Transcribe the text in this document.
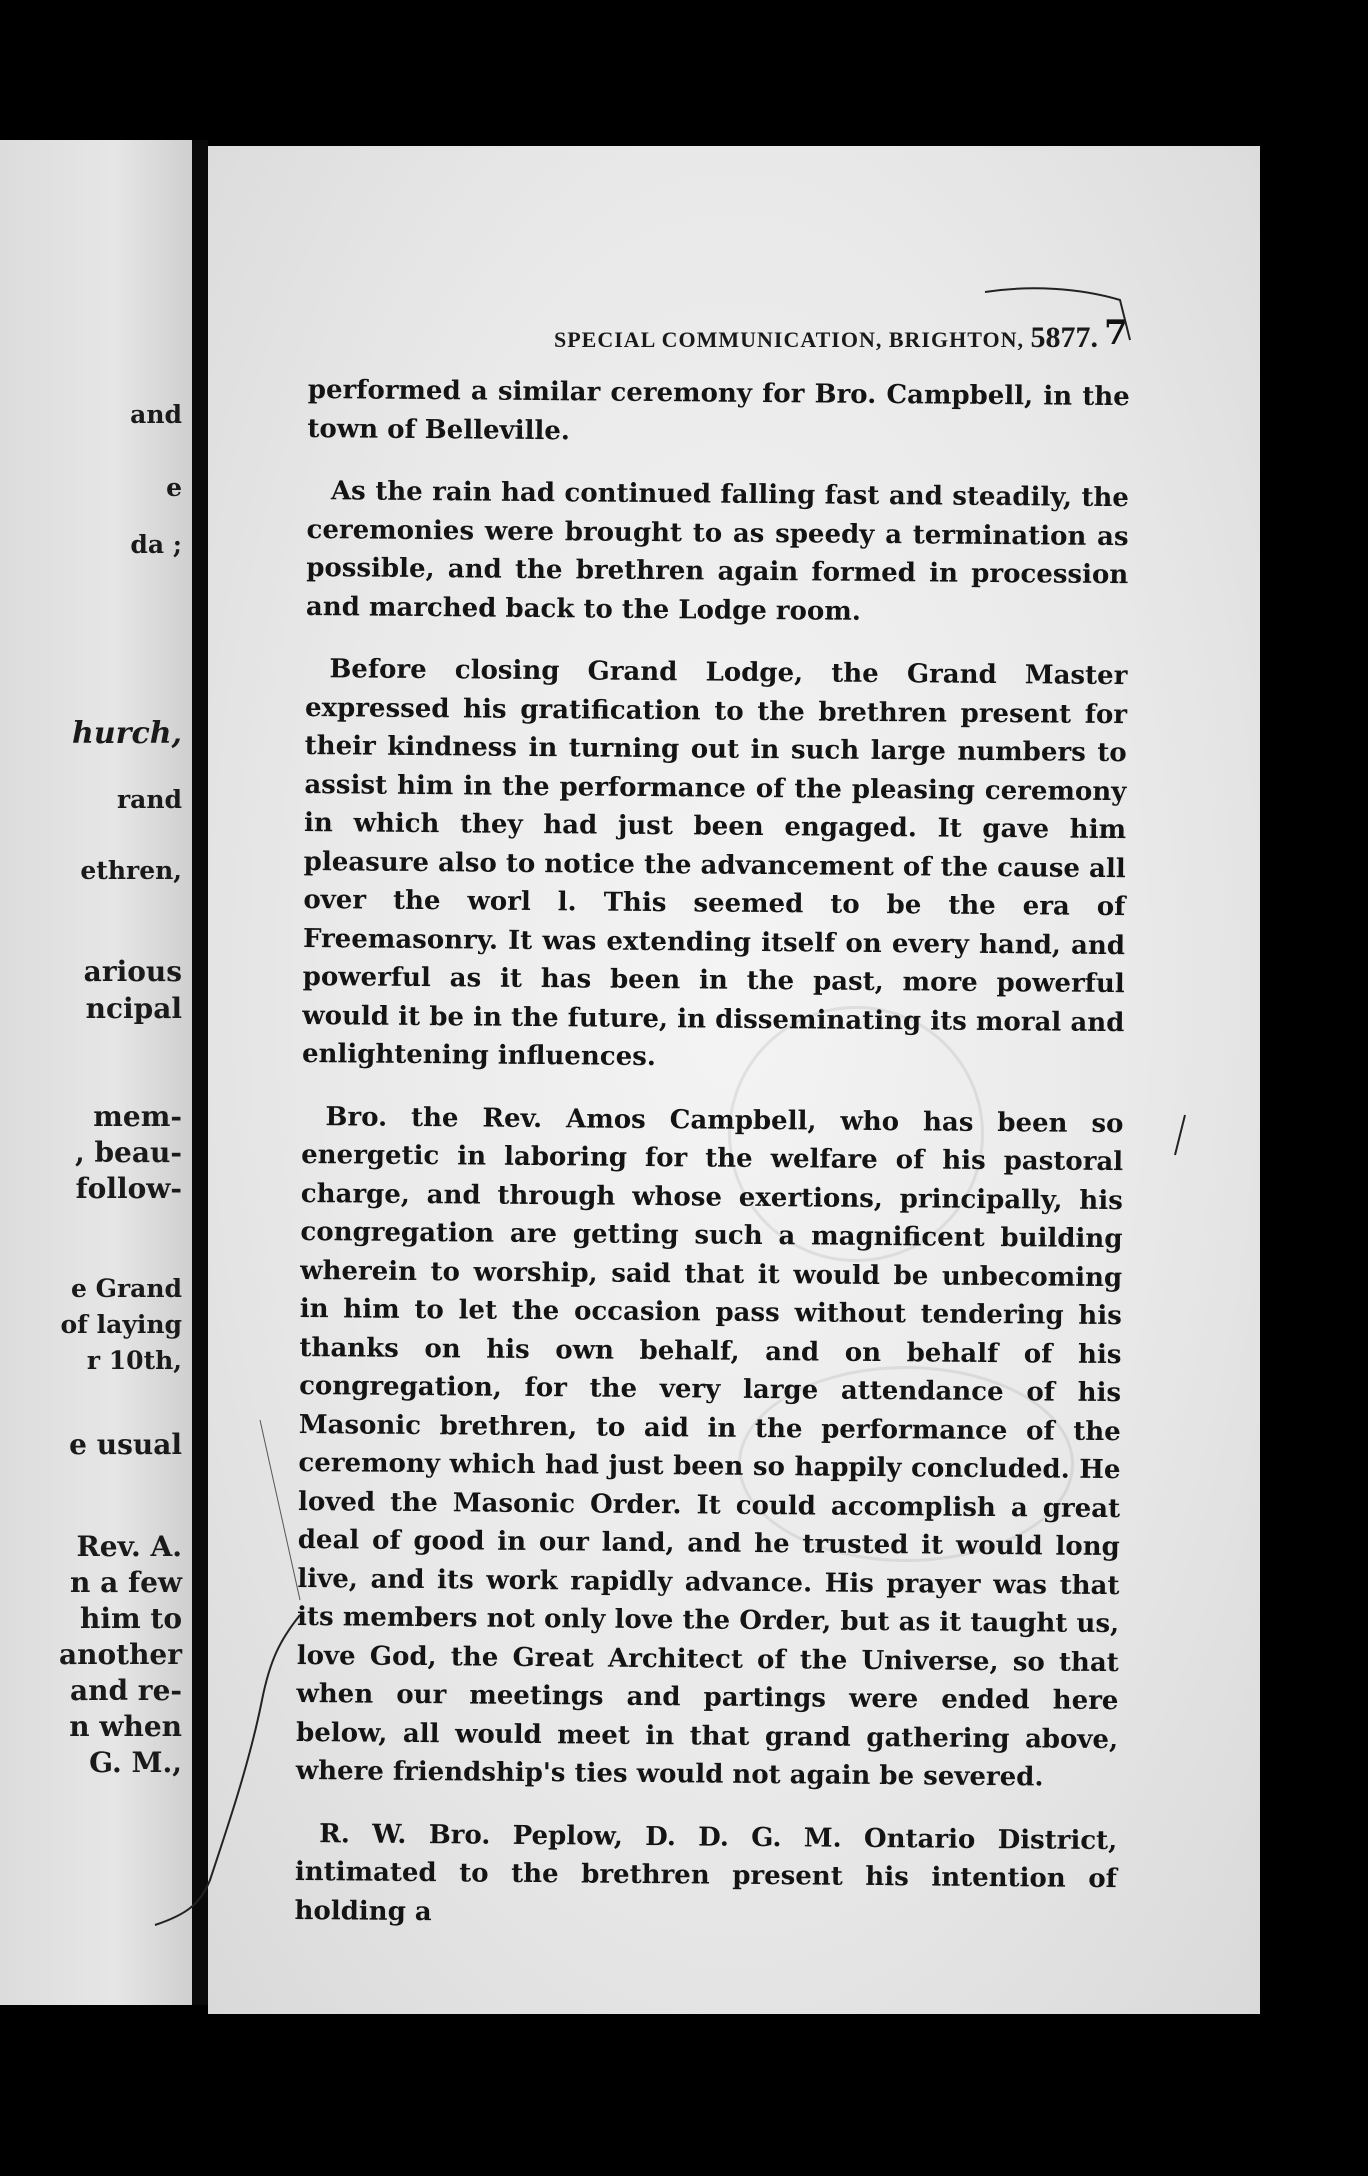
and

e

da ;

hurch,

rand

ethren,

arious

ncipal

mem-

, beau-

follow-

e Grand

of laying

r 10th,

e usual

Rev. A.

n a few

him to

another

and re-

n when

G. M.,

SPECIAL COMMUNICATION, BRIGHTON, 5877. 7

performed a similar ceremony for Bro. Campbell, in the town of Belleville.

As the rain had continued falling fast and steadily, the ceremonies were brought to as speedy a termination as possible, and the brethren again formed in procession and marched back to the Lodge room.

Before closing Grand Lodge, the Grand Master expressed his gratification to the brethren present for their kindness in turning out in such large numbers to assist him in the performance of the pleasing ceremony in which they had just been engaged. It gave him pleasure also to notice the advancement of the cause all over the worl l. This seemed to be the era of Freemasonry. It was extending itself on every hand, and powerful as it has been in the past, more powerful would it be in the future, in disseminating its moral and enlightening influences.

Bro. the Rev. Amos Campbell, who has been so energetic in laboring for the welfare of his pastoral charge, and through whose exertions, principally, his congregation are getting such a magnificent building wherein to worship, said that it would be unbecoming in him to let the occasion pass without tendering his thanks on his own behalf, and on behalf of his congregation, for the very large attendance of his Masonic brethren, to aid in the performance of the ceremony which had just been so happily concluded. He loved the Masonic Order. It could accomplish a great deal of good in our land, and he trusted it would long live, and its work rapidly advance. His prayer was that its members not only love the Order, but as it taught us, love God, the Great Architect of the Universe, so that when our meetings and partings were ended here below, all would meet in that grand gathering above, where friendship's ties would not again be severed.

R. W. Bro. Peplow, D. D. G. M. Ontario District, intimated to the brethren present his intention of holding a
